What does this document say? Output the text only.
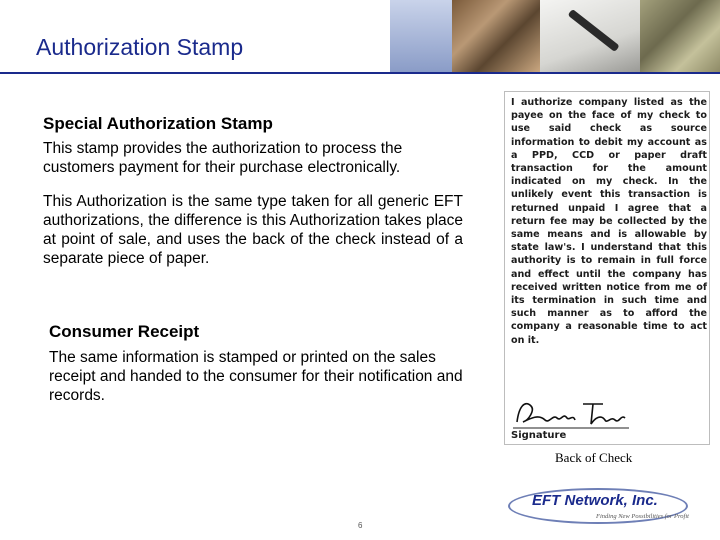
Authorization Stamp
Special Authorization Stamp
This stamp provides the authorization to process the customers payment for their purchase electronically.
This Authorization is the same type taken for all generic EFT authorizations, the difference is this Authorization takes place at point of sale, and uses the back of the check instead of a separate piece of paper.
Consumer Receipt
The same information is stamped or printed on the sales receipt and handed to the consumer for their notification and records.
I authorize company listed as the payee on the face of my check to use said check as source information to debit my account as a PPD, CCD or paper draft transaction for the amount indicated on my check. In the unlikely event this transaction is returned unpaid I agree that a return fee may be collected by the same means and is allowable by state law's. I understand that this authority is to remain in full force and effect until the company has received written notice from me of its termination in such time and such manner as to afford the company a reasonable time to act on it.
Signature
Back of Check
EFT Network, Inc.
Finding New Possibilities for Profit
6
